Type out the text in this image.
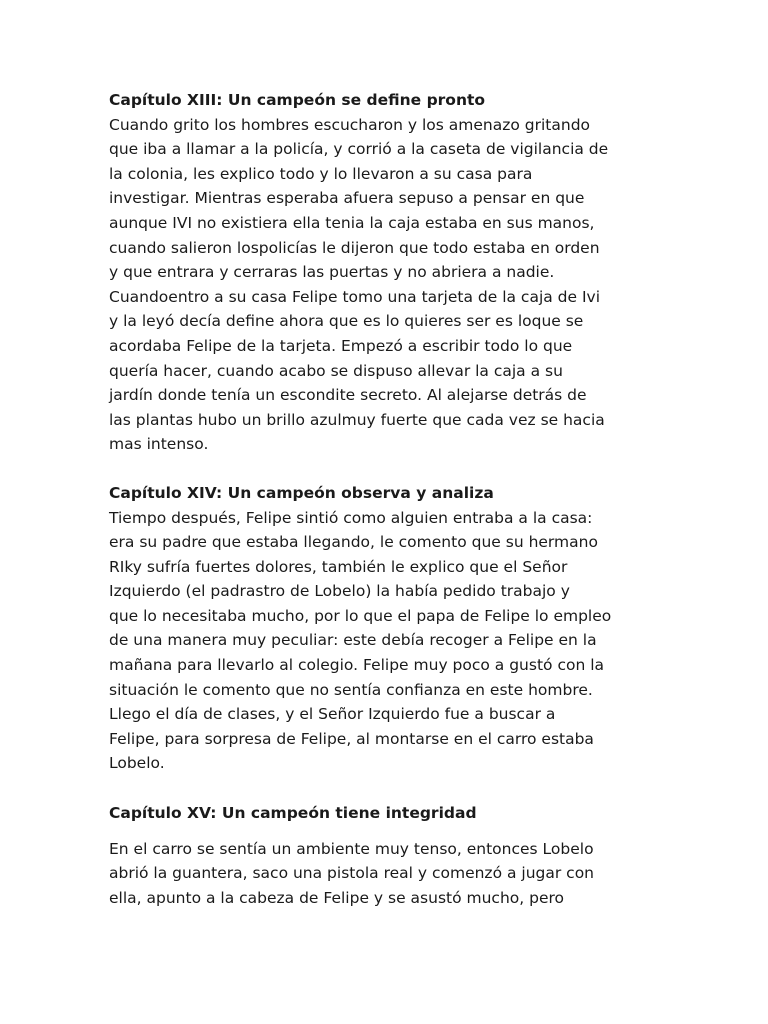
Capítulo XIII: Un campeón se define pronto

Cuando grito los hombres escucharon y los amenazo gritando
que iba a llamar a la policía, y corrió a la caseta de vigilancia de
la colonia, les explico todo y lo llevaron a su casa para
investigar. Mientras esperaba afuera sepuso a pensar en que
aunque IVI no existiera ella tenia la caja estaba en sus manos,
cuando salieron lospolicías le dijeron que todo estaba en orden
y que entrara y cerraras las puertas y no abriera a nadie.
Cuandoentro a su casa Felipe tomo una tarjeta de la caja de Ivi
y la leyó decía define ahora que es lo quieres ser es loque se
acordaba Felipe de la tarjeta. Empezó a escribir todo lo que
quería hacer, cuando acabo se dispuso allevar la caja a su
jardín donde tenía un escondite secreto. Al alejarse detrás de
las plantas hubo un brillo azulmuy fuerte que cada vez se hacia
mas intenso.

Capítulo XIV: Un campeón observa y analiza

Tiempo después, Felipe sintió como alguien entraba a la casa:
era su padre que estaba llegando, le comento que su hermano
RIky sufría fuertes dolores, también le explico que el Señor
Izquierdo (el padrastro de Lobelo) la había pedido trabajo y
que lo necesitaba mucho, por lo que el papa de Felipe lo empleo
de una manera muy peculiar: este debía recoger a Felipe en la
mañana para llevarlo al colegio. Felipe muy poco a gustó con la
situación le comento que no sentía confianza en este hombre.
Llego el día de clases, y el Señor Izquierdo fue a buscar a
Felipe, para sorpresa de Felipe, al montarse en el carro estaba
Lobelo.

Capítulo XV: Un campeón tiene integridad

En el carro se sentía un ambiente muy tenso, entonces Lobelo
abrió la guantera, saco una pistola real y comenzó a jugar con
ella, apunto a la cabeza de Felipe y se asustó mucho, pero
